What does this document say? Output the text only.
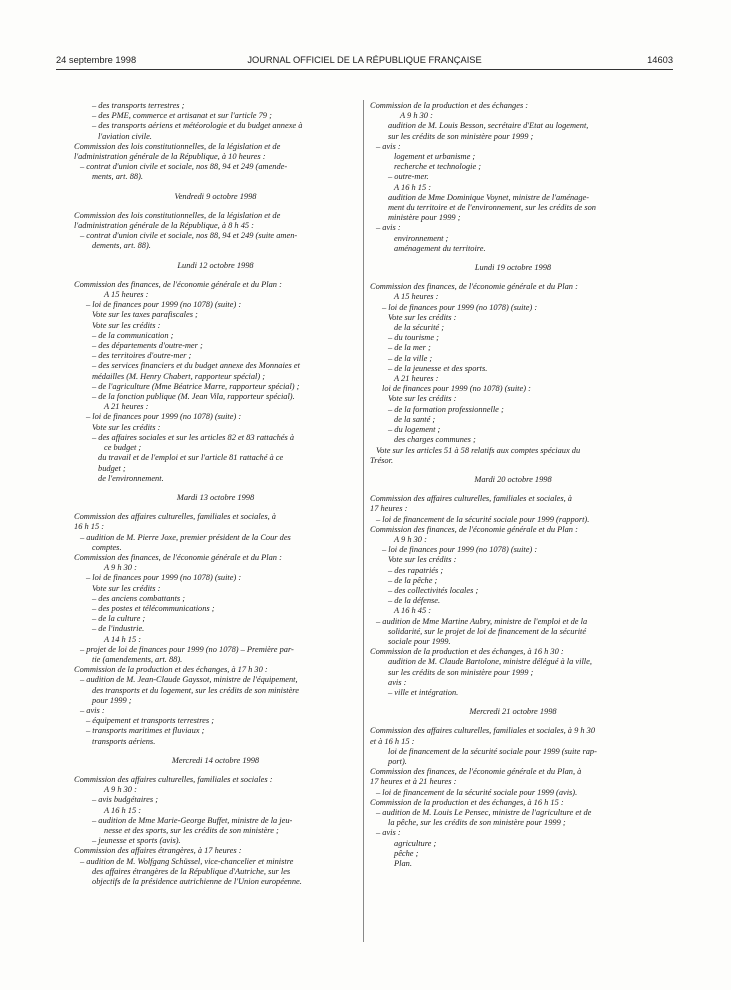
24 septembre 1998	JOURNAL OFFICIEL DE LA RÉPUBLIQUE FRANÇAISE	14603
– des transports terrestres ;
– des PME, commerce et artisanat et sur l'article 79 ;
– des transports aériens et météorologie et du budget annexe à
l'aviation civile.
Commission des lois constitutionnelles, de la législation et de
l'administration générale de la République, à 10 heures :
– contrat d'union civile et sociale, nos 88, 94 et 249 (amende-
ments, art. 88).
Vendredi 9 octobre 1998
Commission des lois constitutionnelles, de la législation et de
l'administration générale de la République, à 8 h 45 :
– contrat d'union civile et sociale, nos 88, 94 et 249 (suite amen-
dements, art. 88).
Lundi 12 octobre 1998
Commission des finances, de l'économie générale et du Plan :
A 15 heures :
– loi de finances pour 1999 (no 1078) (suite) :
Vote sur les taxes parafiscales ;
Vote sur les crédits :
– de la communication ;
– des départements d'outre-mer ;
– des territoires d'outre-mer ;
– des services financiers et du budget annexe des Monnaies et
médailles (M. Henry Chabert, rapporteur spécial) ;
– de l'agriculture (Mme Béatrice Marre, rapporteur spécial) ;
– de la fonction publique (M. Jean Vila, rapporteur spécial).
A 21 heures :
– loi de finances pour 1999 (no 1078) (suite) :
Vote sur les crédits :
– des affaires sociales et sur les articles 82 et 83 rattachés à
ce budget ;
du travail et de l'emploi et sur l'article 81 rattaché à ce
budget ;
de l'environnement.
Mardi 13 octobre 1998
Commission des affaires culturelles, familiales et sociales, à
16 h 15 :
– audition de M. Pierre Joxe, premier président de la Cour des
comptes.
Commission des finances, de l'économie générale et du Plan :
A 9 h 30 :
– loi de finances pour 1999 (no 1078) (suite) :
Vote sur les crédits :
– des anciens combattants ;
– des postes et télécommunications ;
– de la culture ;
– de l'industrie.
A 14 h 15 :
– projet de loi de finances pour 1999 (no 1078) – Première par-
tie (amendements, art. 88).
Commission de la production et des échanges, à 17 h 30 :
– audition de M. Jean-Claude Gayssot, ministre de l'équipement,
des transports et du logement, sur les crédits de son ministère
pour 1999 ;
– avis :
– équipement et transports terrestres ;
– transports maritimes et fluviaux ;
transports aériens.
Mercredi 14 octobre 1998
Commission des affaires culturelles, familiales et sociales :
A 9 h 30 :
– avis budgétaires ;
A 16 h 15 :
– audition de Mme Marie-George Buffet, ministre de la jeu-
nesse et des sports, sur les crédits de son ministère ;
– jeunesse et sports (avis).
Commission des affaires étrangères, à 17 heures :
– audition de M. Wolfgang Schüssel, vice-chancelier et ministre
des affaires étrangères de la République d'Autriche, sur les
objectifs de la présidence autrichienne de l'Union européenne.
Commission de la production et des échanges :
A 9 h 30 :
audition de M. Louis Besson, secrétaire d'Etat au logement,
sur les crédits de son ministère pour 1999 ;
– avis :
logement et urbanisme ;
recherche et technologie ;
– outre-mer.
A 16 h 15 :
audition de Mme Dominique Voynet, ministre de l'aménage-
ment du territoire et de l'environnement, sur les crédits de son
ministère pour 1999 ;
– avis :
environnement ;
aménagement du territoire.
Lundi 19 octobre 1998
Commission des finances, de l'économie générale et du Plan :
A 15 heures :
– loi de finances pour 1999 (no 1078) (suite) :
Vote sur les crédits :
de la sécurité ;
– du tourisme ;
– de la mer ;
– de la ville ;
– de la jeunesse et des sports.
A 21 heures :
loi de finances pour 1999 (no 1078) (suite) :
Vote sur les crédits :
– de la formation professionnelle ;
de la santé ;
– du logement ;
des charges communes ;
Vote sur les articles 51 à 58 relatifs aux comptes spéciaux du
Trésor.
Mardi 20 octobre 1998
Commission des affaires culturelles, familiales et sociales, à
17 heures :
– loi de financement de la sécurité sociale pour 1999 (rapport).
Commission des finances, de l'économie générale et du Plan :
A 9 h 30 :
– loi de finances pour 1999 (no 1078) (suite) :
Vote sur les crédits :
– des rapatriés ;
– de la pêche ;
– des collectivités locales ;
– de la défense.
A 16 h 45 :
– audition de Mme Martine Aubry, ministre de l'emploi et de la
solidarité, sur le projet de loi de financement de la sécurité
sociale pour 1999.
Commission de la production et des échanges, à 16 h 30 :
audition de M. Claude Bartolone, ministre délégué à la ville,
sur les crédits de son ministère pour 1999 ;
avis :
– ville et intégration.
Mercredi 21 octobre 1998
Commission des affaires culturelles, familiales et sociales, à 9 h 30
et à 16 h 15 :
loi de financement de la sécurité sociale pour 1999 (suite rap-
port).
Commission des finances, de l'économie générale et du Plan, à
17 heures et à 21 heures :
– loi de financement de la sécurité sociale pour 1999 (avis).
Commission de la production et des échanges, à 16 h 15 :
– audition de M. Louis Le Pensec, ministre de l'agriculture et de
la pêche, sur les crédits de son ministère pour 1999 ;
– avis :
agriculture ;
pêche ;
Plan.
